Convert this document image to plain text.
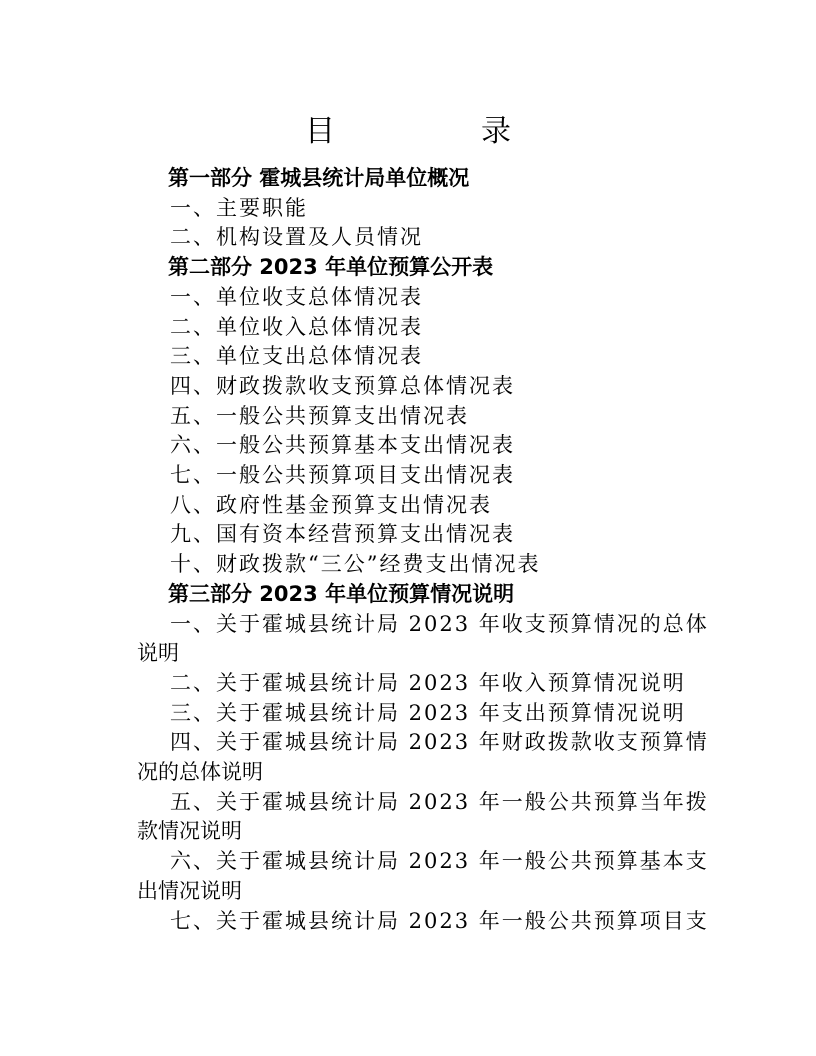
目　录

第一部分 霍城县统计局单位概况

一、主要职能

二、机构设置及人员情况

第二部分 2023 年单位预算公开表

一、单位收支总体情况表

二、单位收入总体情况表

三、单位支出总体情况表

四、财政拨款收支预算总体情况表

五、一般公共预算支出情况表

六、一般公共预算基本支出情况表

七、一般公共预算项目支出情况表

八、政府性基金预算支出情况表

九、国有资本经营预算支出情况表

十、财政拨款“三公”经费支出情况表

第三部分 2023 年单位预算情况说明

一、关于霍城县统计局 2023 年收支预算情况的总体

说明

二、关于霍城县统计局 2023 年收入预算情况说明

三、关于霍城县统计局 2023 年支出预算情况说明

四、关于霍城县统计局 2023 年财政拨款收支预算情

况的总体说明

五、关于霍城县统计局 2023 年一般公共预算当年拨

款情况说明

六、关于霍城县统计局 2023 年一般公共预算基本支

出情况说明

七、关于霍城县统计局 2023 年一般公共预算项目支
